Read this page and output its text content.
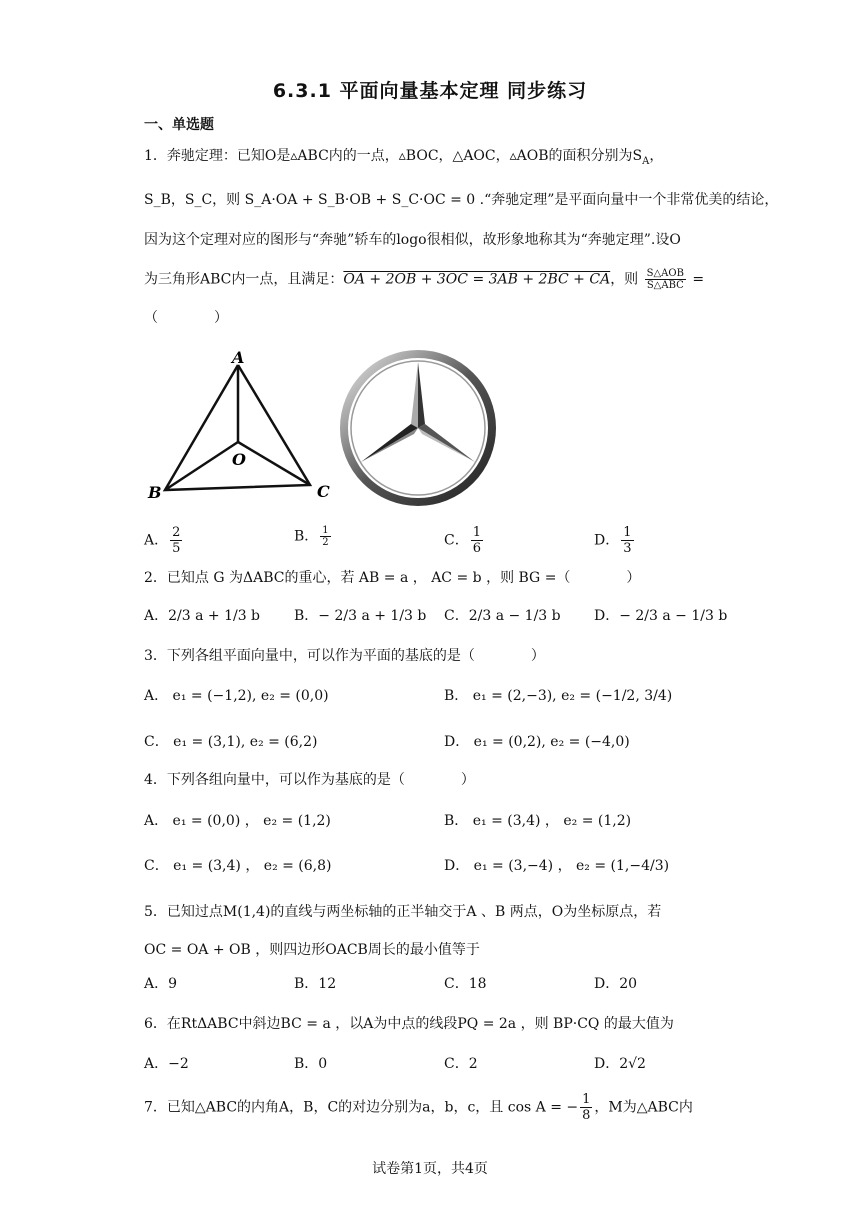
6.3.1 平面向量基本定理 同步练习
一、单选题
1．奔驰定理：已知O是▵ABC内的一点，▵BOC，△AOC，▵AOB的面积分别为$S_A$，
S_B，S_C，则 S_A·OA + S_B·OB + S_C·OC = 0 .“奔驰定理”是平面向量中一个非常优美的结论，
因为这个定理对应的图形与“奔驰”轿车的logo很相似，故形象地称其为“奔驰定理”.设O
为三角形ABC内一点，且满足：OA + 2OB + 3OC = 3AB + 2BC + CA，则 $\frac{\text{S△AOB}}{\text{S△ABC}}$ =
（　　　　）
A
O
B	C
A． $\frac{2}{5}$	B． $\frac{1}{2}$	C． $\frac{1}{6}$	D． $\frac{1}{3}$
2．已知点 G 为ΔABC的重心，若 AB = a ， AC = b ，则 BG =（　　　　）
A．2/3 a + 1/3 b B．− 2/3 a + 1/3 b C．2/3 a − 1/3 b D．− 2/3 a − 1/3 b
3．下列各组平面向量中，可以作为平面的基底的是（　　　　）
A． e₁ = (−1,2), e₂ = (0,0)	B． e₁ = (2,−3), e₂ = (−1/2, 3/4)
C． e₁ = (3,1), e₂ = (6,2)	D． e₁ = (0,2), e₂ = (−4,0)
4．下列各组向量中，可以作为基底的是（　　　　）
A． e₁ = (0,0) ， e₂ = (1,2)	B． e₁ = (3,4) ， e₂ = (1,2)
C． e₁ = (3,4) ， e₂ = (6,8)	D． e₁ = (3,−4) ， e₂ = (1,−4/3)
5．已知过点M(1,4)的直线与两坐标轴的正半轴交于A 、B 两点，O为坐标原点，若
OC = OA + OB ，则四边形OACB周长的最小值等于
A．9	B．12	C．18	D．20
6．在RtΔABC中斜边BC = a ，以A为中点的线段PQ = 2a ，则 BP·CQ 的最大值为
A．−2	B．0	C．2	D．2√2
7．已知△ABC的内角A，B，C的对边分别为a，b，c，且 cos A = − $\frac{1}{8}$ ，M为△ABC内
试卷第1页，共4页
